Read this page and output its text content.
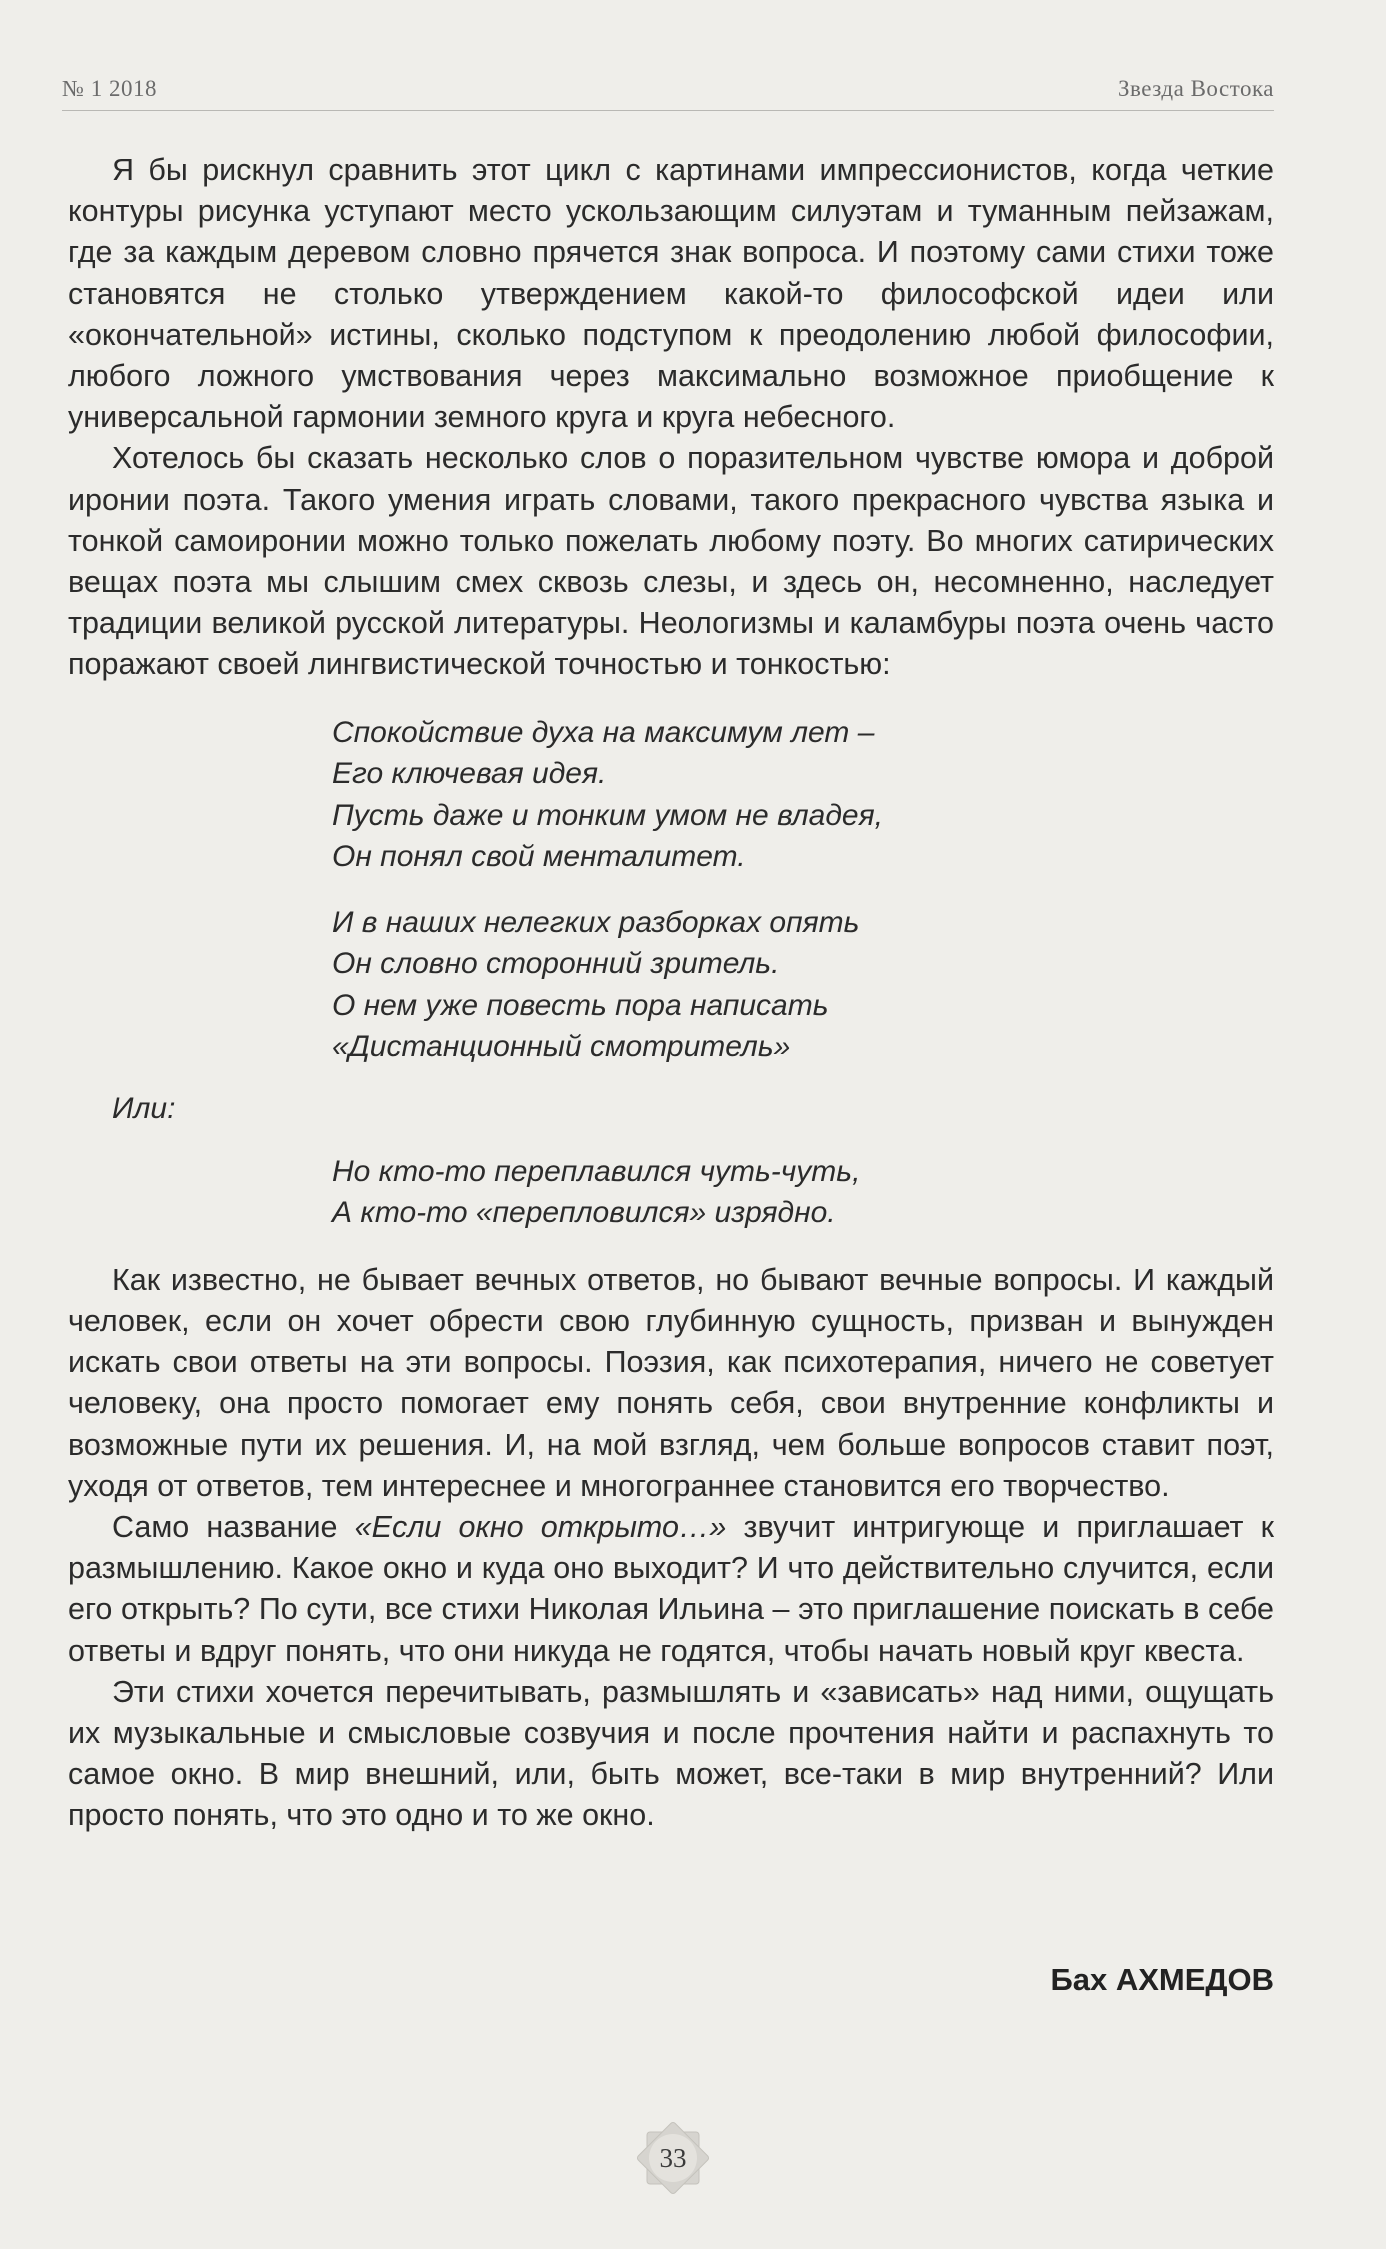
№ 1 2018	Звезда Востока

Я бы рискнул сравнить этот цикл с картинами импрессионистов, когда четкие контуры рисунка уступают место ускользающим силуэтам и туманным пейзажам, где за каждым деревом словно прячется знак вопроса. И поэтому сами стихи тоже становятся не столько утверждением какой-то философской идеи или «окончательной» истины, сколько подступом к преодолению любой философии, любого ложного умствования через максимально возможное приобщение к универсальной гармонии земного круга и круга небесного.

Хотелось бы сказать несколько слов о поразительном чувстве юмора и доброй иронии поэта. Такого умения играть словами, такого прекрасного чувства языка и тонкой самоиронии можно только пожелать любому поэту. Во многих сатирических вещах поэта мы слышим смех сквозь слезы, и здесь он, несомненно, наследует традиции великой русской литературы. Неологизмы и каламбуры поэта очень часто поражают своей лингвистической точностью и тонкостью:

Спокойствие духа на максимум лет –
Его ключевая идея.
Пусть даже и тонким умом не владея,
Он понял свой менталитет.
И в наших нелегких разборках опять
Он словно сторонний зритель.
О нем уже повесть пора написать
«Дистанционный смотритель»
Или:
Но кто-то переплавился чуть-чуть,
А кто-то «перепловился» изрядно.

Как известно, не бывает вечных ответов, но бывают вечные вопросы. И каждый человек, если он хочет обрести свою глубинную сущность, призван и вынужден искать свои ответы на эти вопросы. Поэзия, как психотерапия, ничего не советует человеку, она просто помогает ему понять себя, свои внутренние конфликты и возможные пути их решения. И, на мой взгляд, чем больше вопросов ставит поэт, уходя от ответов, тем интереснее и многограннее становится его творчество.

Само название «Если окно открыто…» звучит интригующе и приглашает к размышлению. Какое окно и куда оно выходит? И что действительно случится, если его открыть? По сути, все стихи Николая Ильина – это приглашение поискать в себе ответы и вдруг понять, что они никуда не годятся, чтобы начать новый круг квеста.

Эти стихи хочется перечитывать, размышлять и «зависать» над ними, ощущать их музыкальные и смысловые созвучия и после прочтения найти и распахнуть то самое окно. В мир внешний, или, быть может, все-таки в мир внутренний? Или просто понять, что это одно и то же окно.

Бах АХМЕДОВ
33
